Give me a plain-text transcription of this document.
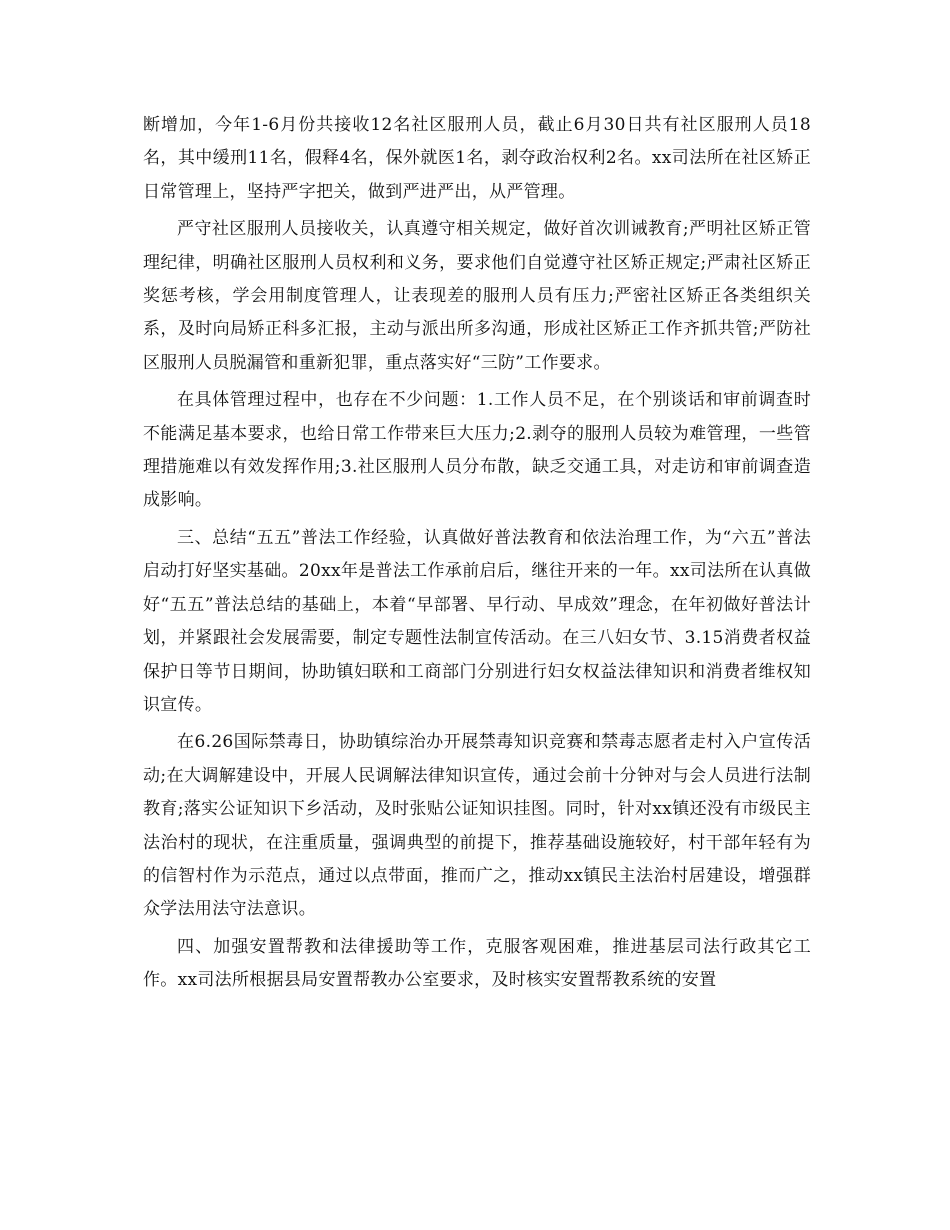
断增加，今年1-6月份共接收12名社区服刑人员，截止6月30日共有社区服刑人员18名，其中缓刑11名，假释4名，保外就医1名，剥夺政治权利2名。xx司法所在社区矫正日常管理上，坚持严字把关，做到严进严出，从严管理。

严守社区服刑人员接收关，认真遵守相关规定，做好首次训诫教育;严明社区矫正管理纪律，明确社区服刑人员权利和义务，要求他们自觉遵守社区矫正规定;严肃社区矫正奖惩考核，学会用制度管理人，让表现差的服刑人员有压力;严密社区矫正各类组织关系，及时向局矫正科多汇报，主动与派出所多沟通，形成社区矫正工作齐抓共管;严防社区服刑人员脱漏管和重新犯罪，重点落实好“三防”工作要求。

在具体管理过程中，也存在不少问题：1.工作人员不足，在个别谈话和审前调查时不能满足基本要求，也给日常工作带来巨大压力;2.剥夺的服刑人员较为难管理，一些管理措施难以有效发挥作用;3.社区服刑人员分布散，缺乏交通工具，对走访和审前调查造成影响。

三、总结“五五”普法工作经验，认真做好普法教育和依法治理工作，为“六五”普法启动打好坚实基础。20xx年是普法工作承前启后，继往开来的一年。xx司法所在认真做好“五五”普法总结的基础上，本着“早部署、早行动、早成效”理念，在年初做好普法计划，并紧跟社会发展需要，制定专题性法制宣传活动。在三八妇女节、3.15消费者权益保护日等节日期间，协助镇妇联和工商部门分别进行妇女权益法律知识和消费者维权知识宣传。

在6.26国际禁毒日，协助镇综治办开展禁毒知识竞赛和禁毒志愿者走村入户宣传活动;在大调解建设中，开展人民调解法律知识宣传，通过会前十分钟对与会人员进行法制教育;落实公证知识下乡活动，及时张贴公证知识挂图。同时，针对xx镇还没有市级民主法治村的现状，在注重质量，强调典型的前提下，推荐基础设施较好，村干部年轻有为的信智村作为示范点，通过以点带面，推而广之，推动xx镇民主法治村居建设，增强群众学法用法守法意识。

四、加强安置帮教和法律援助等工作，克服客观困难，推进基层司法行政其它工作。xx司法所根据县局安置帮教办公室要求，及时核实安置帮教系统的安置
